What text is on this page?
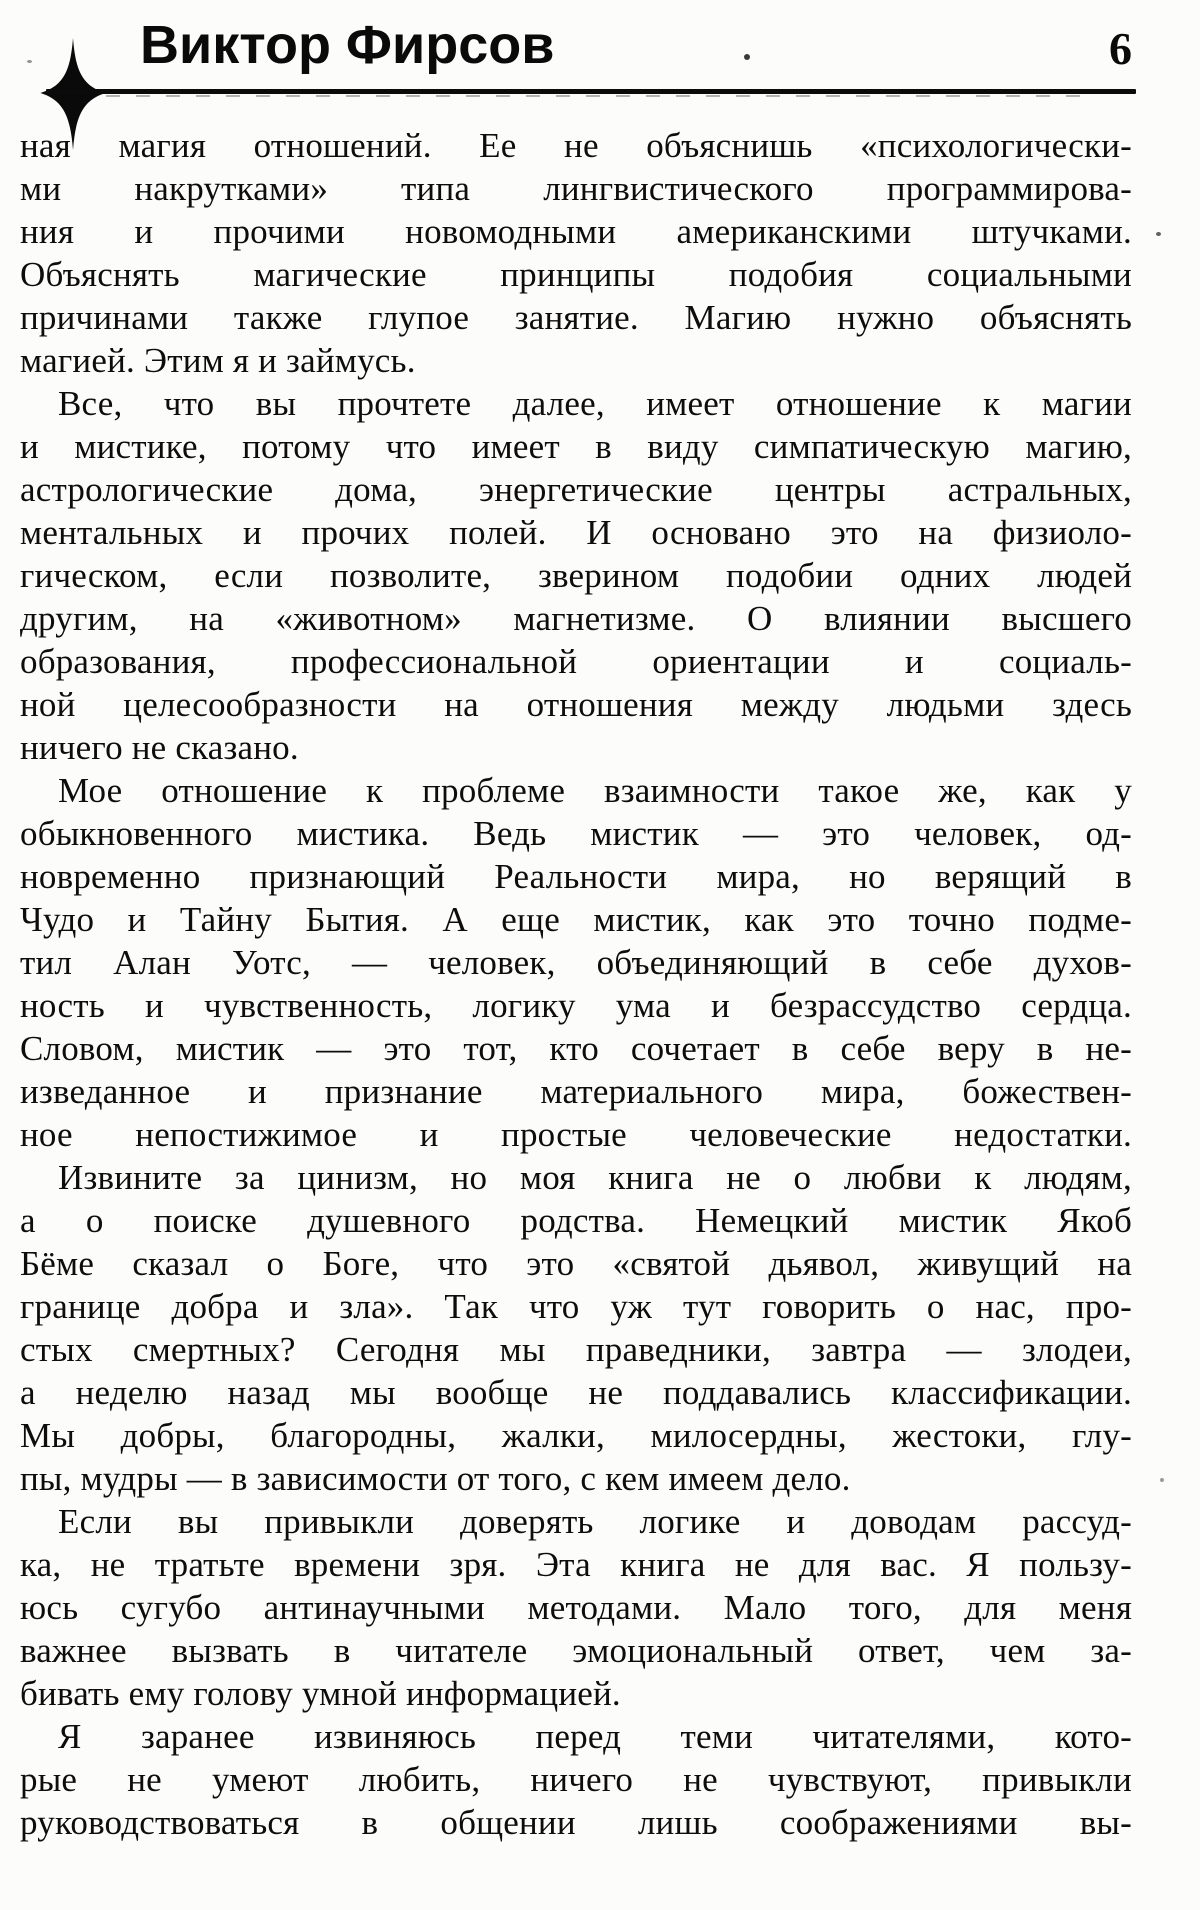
Виктор Фирсов	6
ная магия отношений. Ее не объяснишь «психологически-
ми накрутками» типа лингвистического программирова-
ния и прочими новомодными американскими штучками.
Объяснять магические принципы подобия социальными
причинами также глупое занятие. Магию нужно объяснять
магией. Этим я и займусь.
Все, что вы прочтете далее, имеет отношение к магии
и мистике, потому что имеет в виду симпатическую магию,
астрологические дома, энергетические центры астральных,
ментальных и прочих полей. И основано это на физиоло-
гическом, если позволите, зверином подобии одних людей
другим, на «животном» магнетизме. О влиянии высшего
образования, профессиональной ориентации и социаль-
ной целесообразности на отношения между людьми здесь
ничего не сказано.
Мое отношение к проблеме взаимности такое же, как у
обыкновенного мистика. Ведь мистик — это человек, од-
новременно признающий Реальности мира, но верящий в
Чудо и Тайну Бытия. А еще мистик, как это точно подме-
тил Алан Уотс, — человек, объединяющий в себе духов-
ность и чувственность, логику ума и безрассудство сердца.
Словом, мистик — это тот, кто сочетает в себе веру в не-
изведанное и признание материального мира, божествен-
ное непостижимое и простые человеческие недостатки.
Извините за цинизм, но моя книга не о любви к людям,
а о поиске душевного родства. Немецкий мистик Якоб
Бёме сказал о Боге, что это «святой дьявол, живущий на
границе добра и зла». Так что уж тут говорить о нас, про-
стых смертных? Сегодня мы праведники, завтра — злодеи,
а неделю назад мы вообще не поддавались классификации.
Мы добры, благородны, жалки, милосердны, жестоки, глу-
пы, мудры — в зависимости от того, с кем имеем дело.
Если вы привыкли доверять логике и доводам рассуд-
ка, не тратьте времени зря. Эта книга не для вас. Я пользу-
юсь сугубо антинаучными методами. Мало того, для меня
важнее вызвать в читателе эмоциональный ответ, чем за-
бивать ему голову умной информацией.
Я заранее извиняюсь перед теми читателями, кото-
рые не умеют любить, ничего не чувствуют, привыкли
руководствоваться в общении лишь соображениями вы-
